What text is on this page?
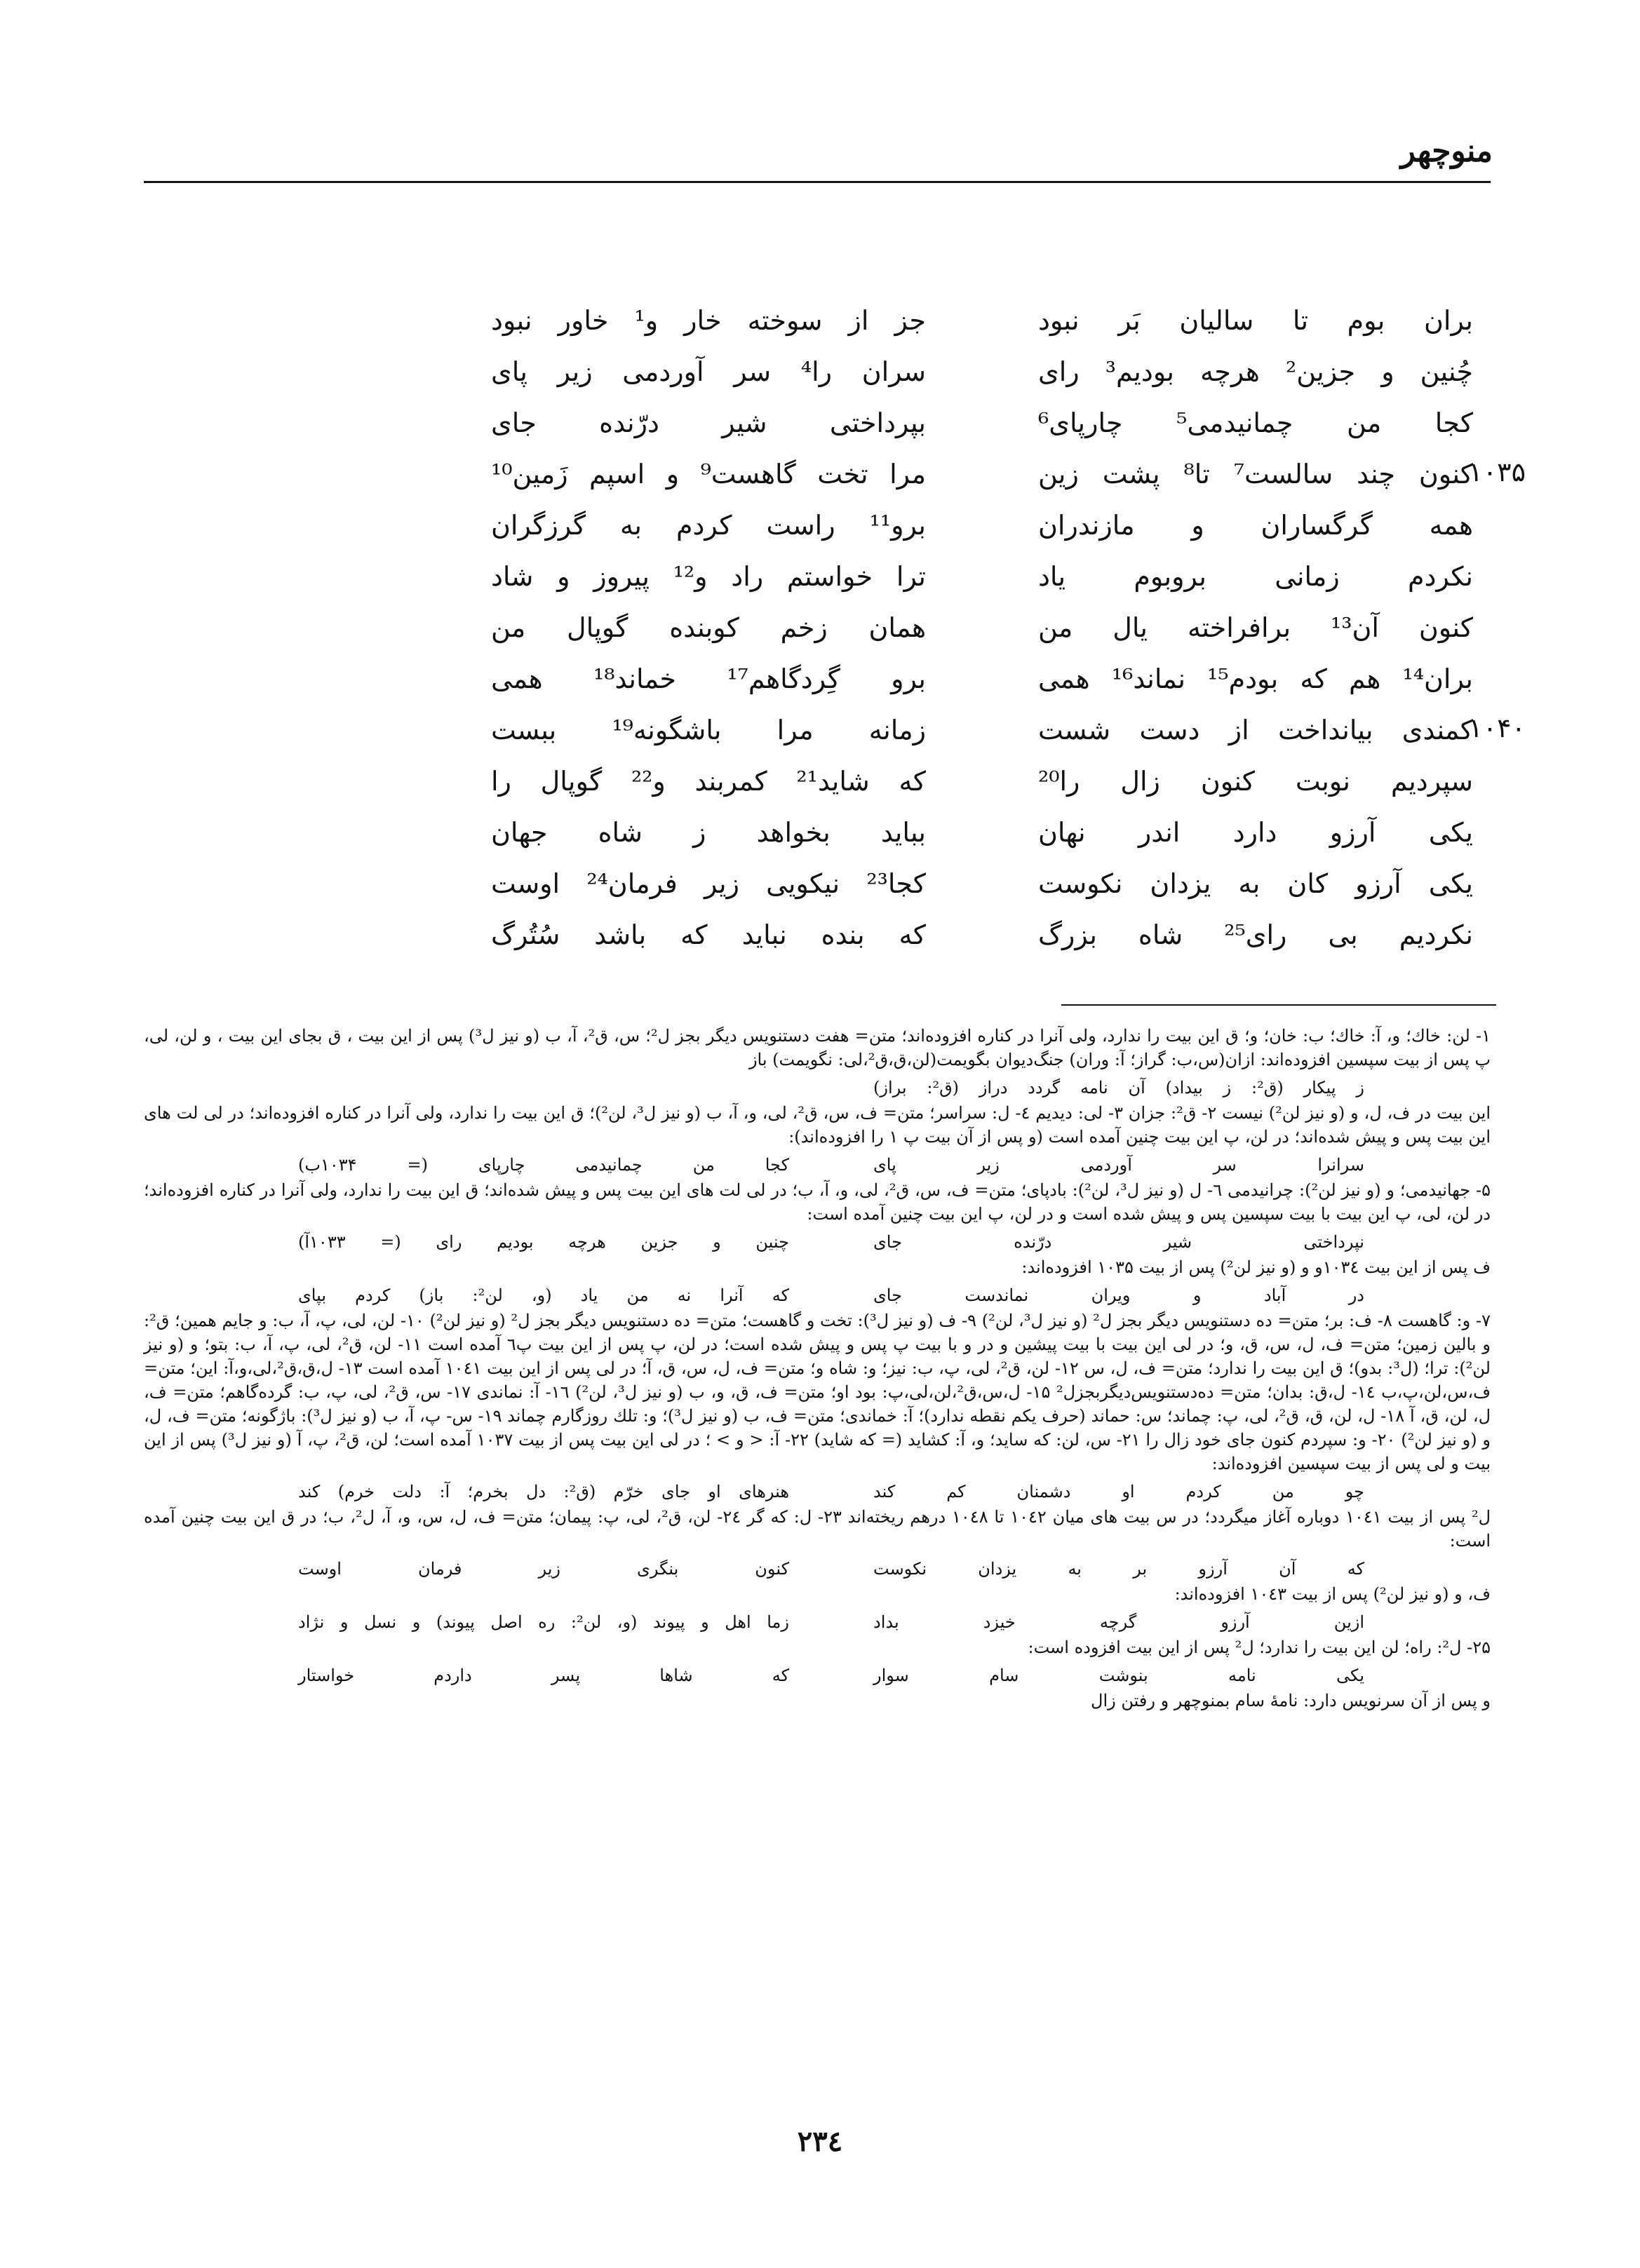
منوچهر
بران بوم تا سالیان بَر نبود
جز از سوخته خار و¹ خاور نبود
چُنین و جزین² هرچه بودیم³ رای
سران را⁴ سر آوردمی زیر پای
کجا من چمانیدمی⁵ چارپای⁶
بپرداختی شیر درّنده جای
۱۰۳۵
کنون چند سالست⁷ تا⁸ پشت زین
مرا تخت گاهست⁹ و اسپم زَمین¹⁰
همه گرگساران و مازندران
برو¹¹ راست کردم به گرزگران
نکردم زمانی بروبوم یاد
ترا خواستم راد و¹² پیروز و شاد
کنون آن¹³ برافراخته یال من
همان زخم کوبنده گوپال من
بران¹⁴ هم که بودم¹⁵ نماند¹⁶ همی
برو گِردگاهم¹⁷ خماند¹⁸ همی
۱۰۴۰
کمندی بیانداخت از دست شست
زمانه مرا باشگونه¹⁹ ببست
سپردیم نوبت کنون زال را²⁰
که شاید²¹ کمربند و²² گوپال را
یکی آرزو دارد اندر نهان
بباید بخواهد ز شاه جهان
یکی آرزو کان به یزدان نکوست
کجا²³ نیکویی زیر فرمان²⁴ اوست
نکردیم بی رای²⁵ شاه بزرگ
که بنده نباید که باشد سُتُرگ

۱- لن: خاك؛ و، آ: خاك؛ ب: خان؛ و؛ ق این بیت را ندارد، ولی آنرا در کناره افزوده‌اند؛ متن= هفت دستنویس دیگر بجز ل²؛ س، ق²، آ، ب (و نیز ل³) پس از این بیت ، ق بجای این بیت ، و لن، لی، پ پس از بیت سپسین افزوده‌اند: ازان(س،ب: گراز؛ آ: وران) جنگ‌دیوان بگویمت(لن،ق،ق²،لی: نگویمت) باز

ز پیکار (ق²: ز بیداد) آن نامه گردد دراز (ق²: براز)

این بیت در ف، ل، و (و نیز لن²) نیست ۲- ق²: جزان ۳- لی: دیدیم ٤- ل: سراسر؛ متن= ف، س، ق²، لی، و، آ، ب (و نیز ل³، لن²)؛ ق این بیت را ندارد، ولی آنرا در کناره افزوده‌اند؛ در لی لت های این بیت پس و پیش شده‌اند؛ در لن، پ این بیت چنین آمده است (و پس از آن بیت پ ۱ را افزوده‌اند):

سرانرا سر آوردمی زیر پای
کجا من چمانیدمی چارپای (= ۱۰۳۴ب)

۵- جهانیدمی؛ و (و نیز لن²): چرانیدمی ٦- ل (و نیز ل³، لن²): بادپای؛ متن= ف، س، ق²، لی، و، آ، ب؛ در لی لت های این بیت پس و پیش شده‌اند؛ ق این بیت را ندارد، ولی آنرا در کناره افزوده‌اند؛ در لن، لی، پ این بیت با بیت سپسین پس و پیش شده است و در لن، پ این بیت چنین آمده است:

نپرداختی شیر درّنده جای
چنین و جزین هرچه بودیم رای (= ۱۰۳۳آ)

ف پس از این بیت ۱۰۳٤و و (و نیز لن²) پس از بیت ۱۰۳۵ افزوده‌اند:

در آباد و ویران نماندست جای
که آنرا نه من یاد (و، لن²: باز) کردم بپای

۷- و: گاهست ۸- ف: بر؛ متن= ده دستنویس دیگر بجز ل² (و نیز ل³، لن²) ۹- ف (و نیز ل³): تخت و گاهست؛ متن= ده دستنویس دیگر بجز ل² (و نیز لن²) ۱۰- لن، لی، پ، آ، ب: و جایم همین؛ ق²: و بالین زمین؛ متن= ف، ل، س، ق، و؛ در لی این بیت با بیت پیشین و در و با بیت پ پس و پیش شده است؛ در لن، پ پس از این بیت پ٦ آمده است ۱۱- لن، ق²، لی، پ، آ، ب: بتو؛ و (و نیز لن²): ترا؛ (ل³: بدو)؛ ق این بیت را ندارد؛ متن= ف، ل، س ۱۲- لن، ق²، لی، پ، ب: نیز؛ و: شاه و؛ متن= ف، ل، س، ق، آ؛ در لی پس از این بیت ۱۰٤۱ آمده است ۱۳- ل،ق،ق²،لی،و،آ: این؛ متن= ف،س،لن،پ،ب ۱٤- ل،ق: بدان؛ متن= ده‌دستنویس‌دیگربجزل² ۱۵- ل،س،ق²،لن،لی،پ: بود او؛ متن= ف، ق، و، ب (و نیز ل³، لن²) ۱٦- آ: نماندی ۱۷- س، ق²، لی، پ، ب: گرده‌گاهم؛ متن= ف، ل، لن، ق، آ ۱۸- ل، لن، ق، ق²، لی، پ: چماند؛ س: حماند (حرف یکم نقطه ندارد)؛ آ: خماندی؛ متن= ف، ب (و نیز ل³)؛ و: تلك روزگارم چماند ۱۹- س- پ، آ، ب (و نیز ل³): باژگونه؛ متن= ف، ل، و (و نیز لن²) ۲۰- و: سپردم کنون جای خود زال را ۲۱- س، لن: که ساید؛ و، آ: کشاید (= که شاید) ۲۲- آ: < و > ؛ در لی این بیت پس از بیت ۱۰۳۷ آمده است؛ لن، ق²، پ، آ (و نیز ل³) پس از این بیت و لی پس از بیت سپسین افزوده‌اند:

چو من کردم او دشمنان کم کند
هنرهای او جای خرّم (ق²: دل بخرم؛ آ: دلت خرم) کند

ل² پس از بیت ۱۰٤۱ دوباره آغاز میگردد؛ در س بیت های میان ۱۰٤۲ تا ۱۰٤۸ درهم ریخته‌اند ۲۳- ل: که گر ۲٤- لن، ق²، لی، پ: پیمان؛ متن= ف، ل، س، و، آ، ل²، ب؛ در ق این بیت چنین آمده است:

که آن آرزو بر به یزدان نکوست
کنون بنگری زیر فرمان اوست

ف، و (و نیز لن²) پس از بیت ۱۰٤۳ افزوده‌اند:

ازین آرزو گرچه خیزد بداد
زما اهل و پیوند (و، لن²: ره اصل پیوند) و نسل و نژاد

۲۵- ل²: راه؛ لن این بیت را ندارد؛ ل² پس از این بیت افزوده است:

یکی نامه بنوشت سام سوار
که شاها پسر داردم خواستار

و پس از آن سرنویس دارد: نامهٔ سام بمنوچهر و رفتن زال

۲۳٤
